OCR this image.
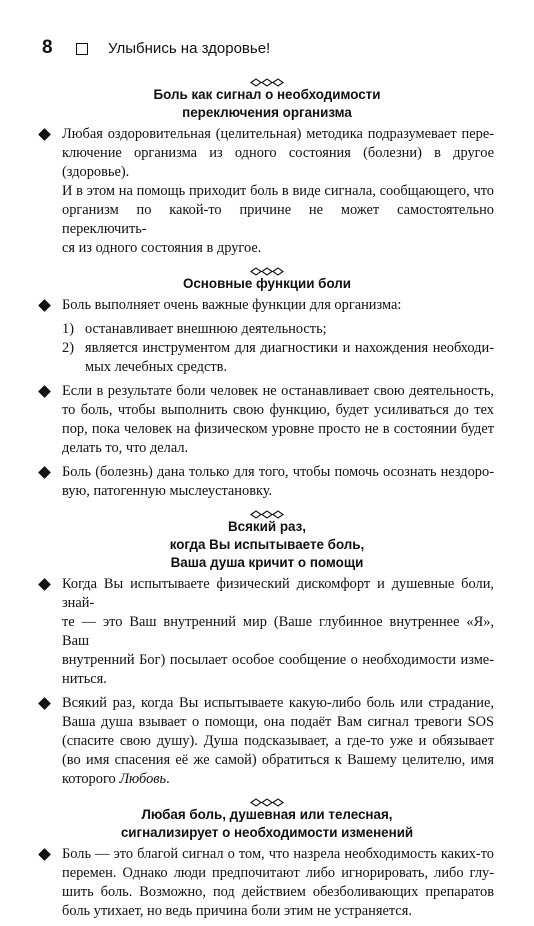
8	Улыбнись на здоровье!
Боль как сигнал о необходимости
переключения организма
Любая оздоровительная (целительная) методика подразумевает пере-
ключение организма из одного состояния (болезни) в другое (здоровье).
И в этом на помощь приходит боль в виде сигнала, сообщающего, что
организм по какой-то причине не может самостоятельно переключить-
ся из одного состояния в другое.
Основные функции боли
Боль выполняет очень важные функции для организма:
1) останавливает внешнюю деятельность;
2) является инструментом для диагностики и нахождения необходи-
мых лечебных средств.
Если в результате боли человек не останавливает свою деятельность,
то боль, чтобы выполнить свою функцию, будет усиливаться до тех
пор, пока человек на физическом уровне просто не в состоянии будет
делать то, что делал.
Боль (болезнь) дана только для того, чтобы помочь осознать нездоро-
вую, патогенную мыслеустановку.
Всякий раз,
когда Вы испытываете боль,
Ваша душа кричит о помощи
Когда Вы испытываете физический дискомфорт и душевные боли, знай-
те — это Ваш внутренний мир (Ваше глубинное внутреннее «Я», Ваш
внутренний Бог) посылает особое сообщение о необходимости изме-
ниться.
Всякий раз, когда Вы испытываете какую-либо боль или страдание,
Ваша душа взывает о помощи, она подаёт Вам сигнал тревоги SOS
(спасите свою душу). Душа подсказывает, а где-то уже и обязывает
(во имя спасения её же самой) обратиться к Вашему целителю, имя
которого Любовь.
Любая боль, душевная или телесная,
сигнализирует о необходимости изменений
Боль — это благой сигнал о том, что назрела необходимость каких-то
перемен. Однако люди предпочитают либо игнорировать, либо глу-
шить боль. Возможно, под действием обезболивающих препаратов
боль утихает, но ведь причина боли этим не устраняется.
